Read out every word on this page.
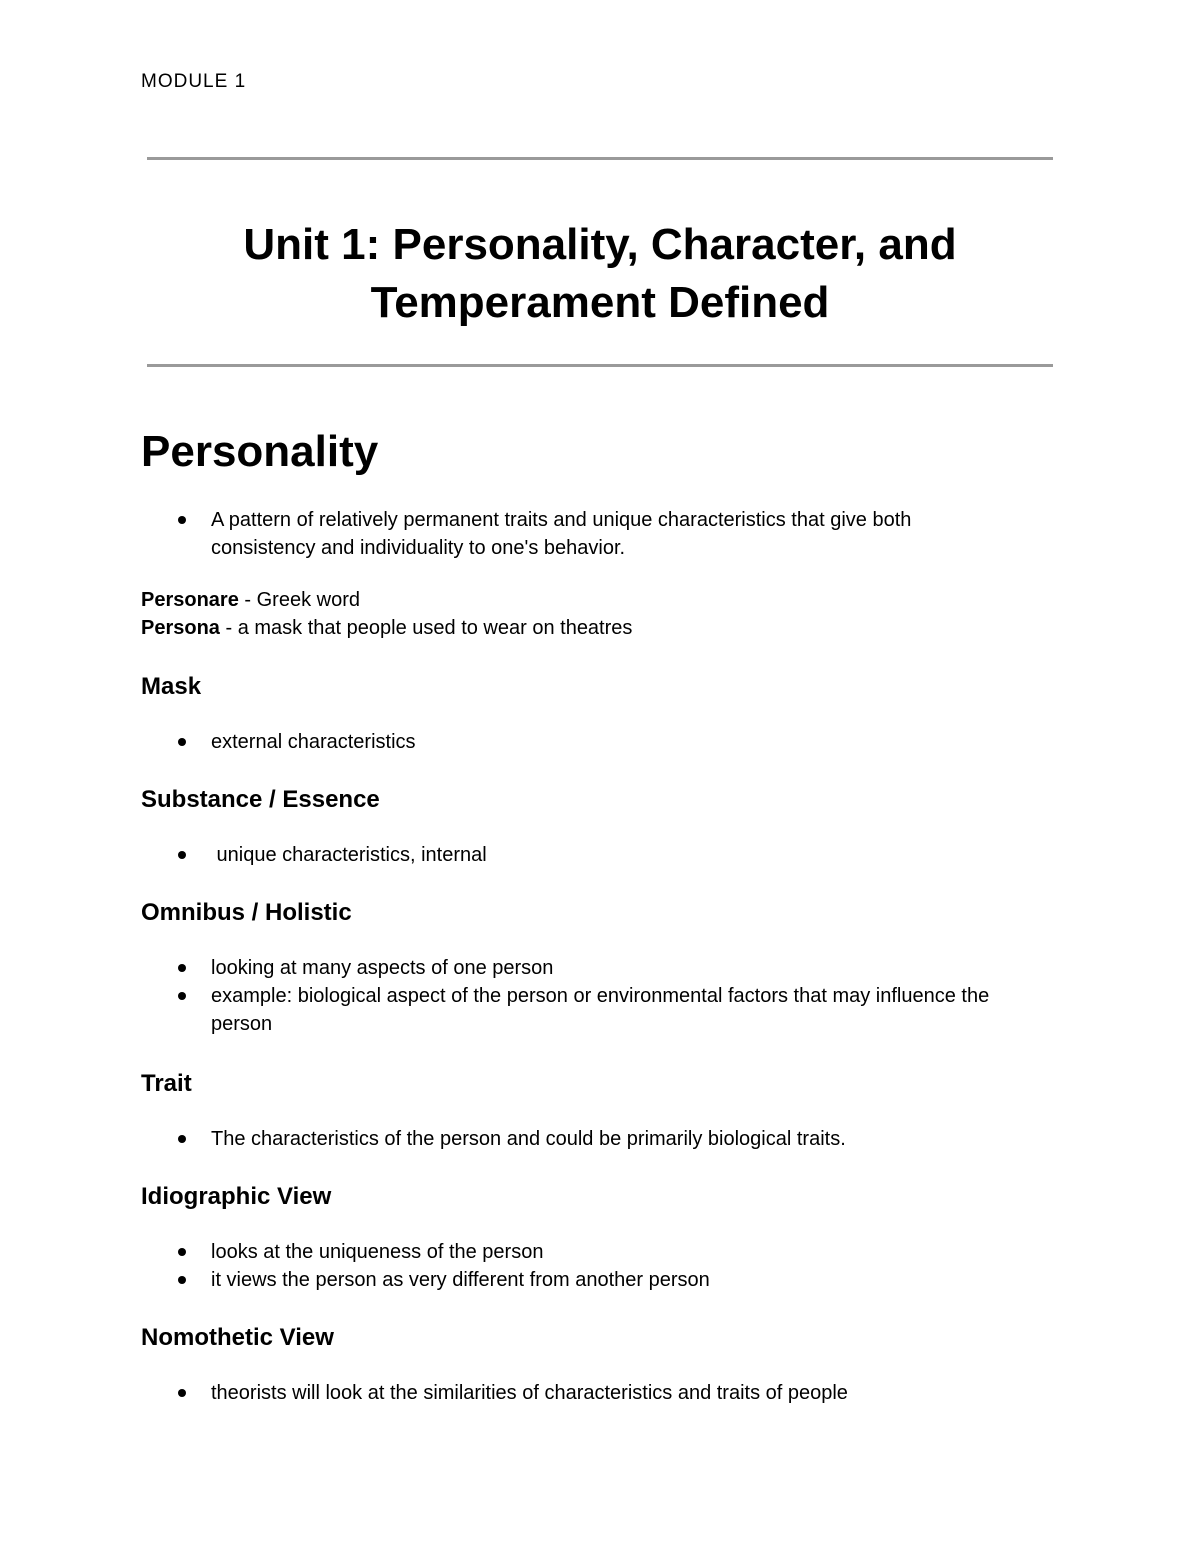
MODULE 1
Unit 1: Personality, Character, and
Temperament Defined
Personality
A pattern of relatively permanent traits and unique characteristics that give both
consistency and individuality to one's behavior.
Personare - Greek word
Persona - a mask that people used to wear on theatres
Mask
external characteristics
Substance / Essence
unique characteristics, internal
Omnibus / Holistic
looking at many aspects of one person
example: biological aspect of the person or environmental factors that may influence the
person
Trait
The characteristics of the person and could be primarily biological traits.
Idiographic View
looks at the uniqueness of the person
it views the person as very different from another person
Nomothetic View
theorists will look at the similarities of characteristics and traits of people
